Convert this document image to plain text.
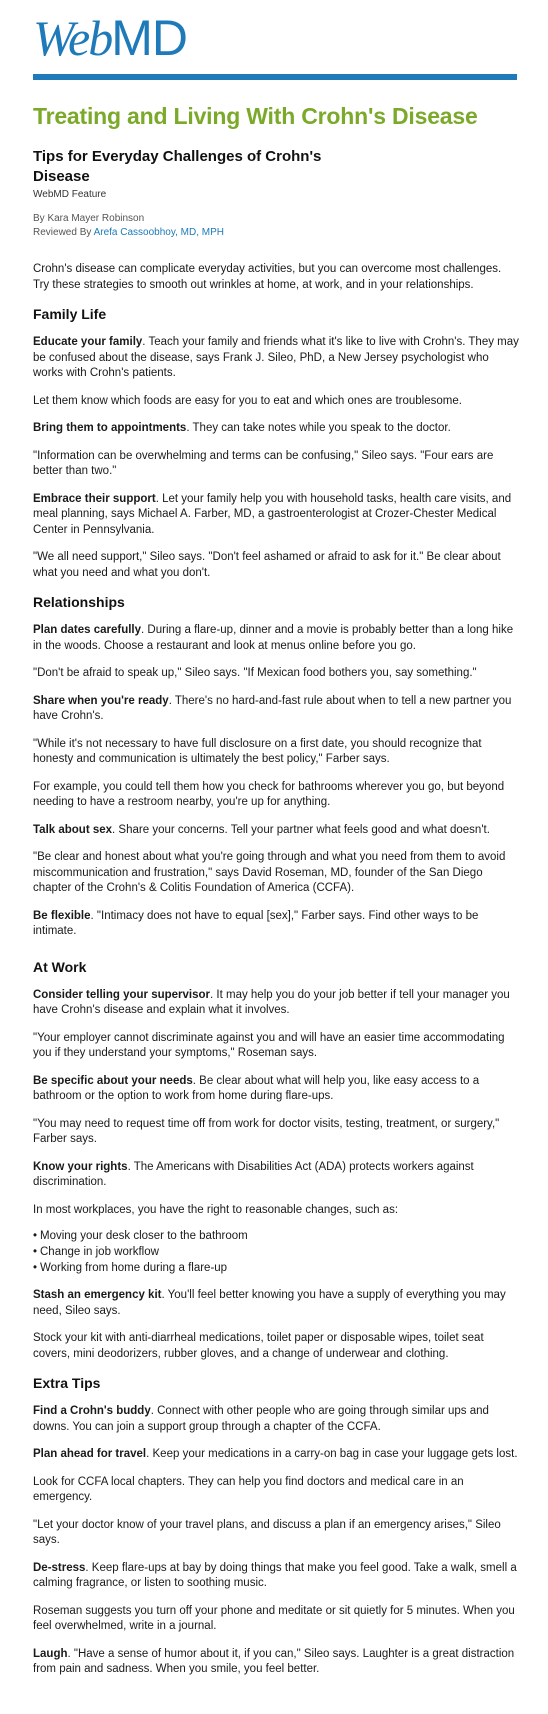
WebMD
Treating and Living With Crohn's Disease
Tips for Everyday Challenges of Crohn's Disease
WebMD Feature
By Kara Mayer Robinson
Reviewed By Arefa Cassoobhoy, MD, MPH

Crohn's disease can complicate everyday activities, but you can overcome most challenges. Try these strategies to smooth out wrinkles at home, at work, and in your relationships.

Family Life

Educate your family. Teach your family and friends what it's like to live with Crohn's. They may be confused about the disease, says Frank J. Sileo, PhD, a New Jersey psychologist who works with Crohn's patients.

Let them know which foods are easy for you to eat and which ones are troublesome.

Bring them to appointments. They can take notes while you speak to the doctor.

"Information can be overwhelming and terms can be confusing," Sileo says. "Four ears are better than two."

Embrace their support. Let your family help you with household tasks, health care visits, and meal planning, says Michael A. Farber, MD, a gastroenterologist at Crozer-Chester Medical Center in Pennsylvania.

"We all need support," Sileo says. "Don't feel ashamed or afraid to ask for it." Be clear about what you need and what you don't.

Relationships

Plan dates carefully. During a flare-up, dinner and a movie is probably better than a long hike in the woods. Choose a restaurant and look at menus online before you go.

"Don't be afraid to speak up," Sileo says. "If Mexican food bothers you, say something."

Share when you're ready. There's no hard-and-fast rule about when to tell a new partner you have Crohn's.

"While it's not necessary to have full disclosure on a first date, you should recognize that honesty and communication is ultimately the best policy," Farber says.

For example, you could tell them how you check for bathrooms wherever you go, but beyond needing to have a restroom nearby, you're up for anything.

Talk about sex. Share your concerns. Tell your partner what feels good and what doesn't.

"Be clear and honest about what you're going through and what you need from them to avoid miscommunication and frustration," says David Roseman, MD, founder of the San Diego chapter of the Crohn's & Colitis Foundation of America (CCFA).

Be flexible. "Intimacy does not have to equal [sex]," Farber says. Find other ways to be intimate.

At Work

Consider telling your supervisor. It may help you do your job better if tell your manager you have Crohn's disease and explain what it involves.

"Your employer cannot discriminate against you and will have an easier time accommodating you if they understand your symptoms," Roseman says.

Be specific about your needs. Be clear about what will help you, like easy access to a bathroom or the option to work from home during flare-ups.

"You may need to request time off from work for doctor visits, testing, treatment, or surgery," Farber says.

Know your rights. The Americans with Disabilities Act (ADA) protects workers against discrimination.

In most workplaces, you have the right to reasonable changes, such as:

• Moving your desk closer to the bathroom
• Change in job workflow
• Working from home during a flare-up

Stash an emergency kit. You'll feel better knowing you have a supply of everything you may need, Sileo says.

Stock your kit with anti-diarrheal medications, toilet paper or disposable wipes, toilet seat covers, mini deodorizers, rubber gloves, and a change of underwear and clothing.

Extra Tips

Find a Crohn's buddy. Connect with other people who are going through similar ups and downs. You can join a support group through a chapter of the CCFA.

Plan ahead for travel. Keep your medications in a carry-on bag in case your luggage gets lost.

Look for CCFA local chapters. They can help you find doctors and medical care in an emergency.

"Let your doctor know of your travel plans, and discuss a plan if an emergency arises," Sileo says.

De-stress. Keep flare-ups at bay by doing things that make you feel good. Take a walk, smell a calming fragrance, or listen to soothing music.

Roseman suggests you turn off your phone and meditate or sit quietly for 5 minutes. When you feel overwhelmed, write in a journal.

Laugh. "Have a sense of humor about it, if you can," Sileo says. Laughter is a great distraction from pain and sadness. When you smile, you feel better.
